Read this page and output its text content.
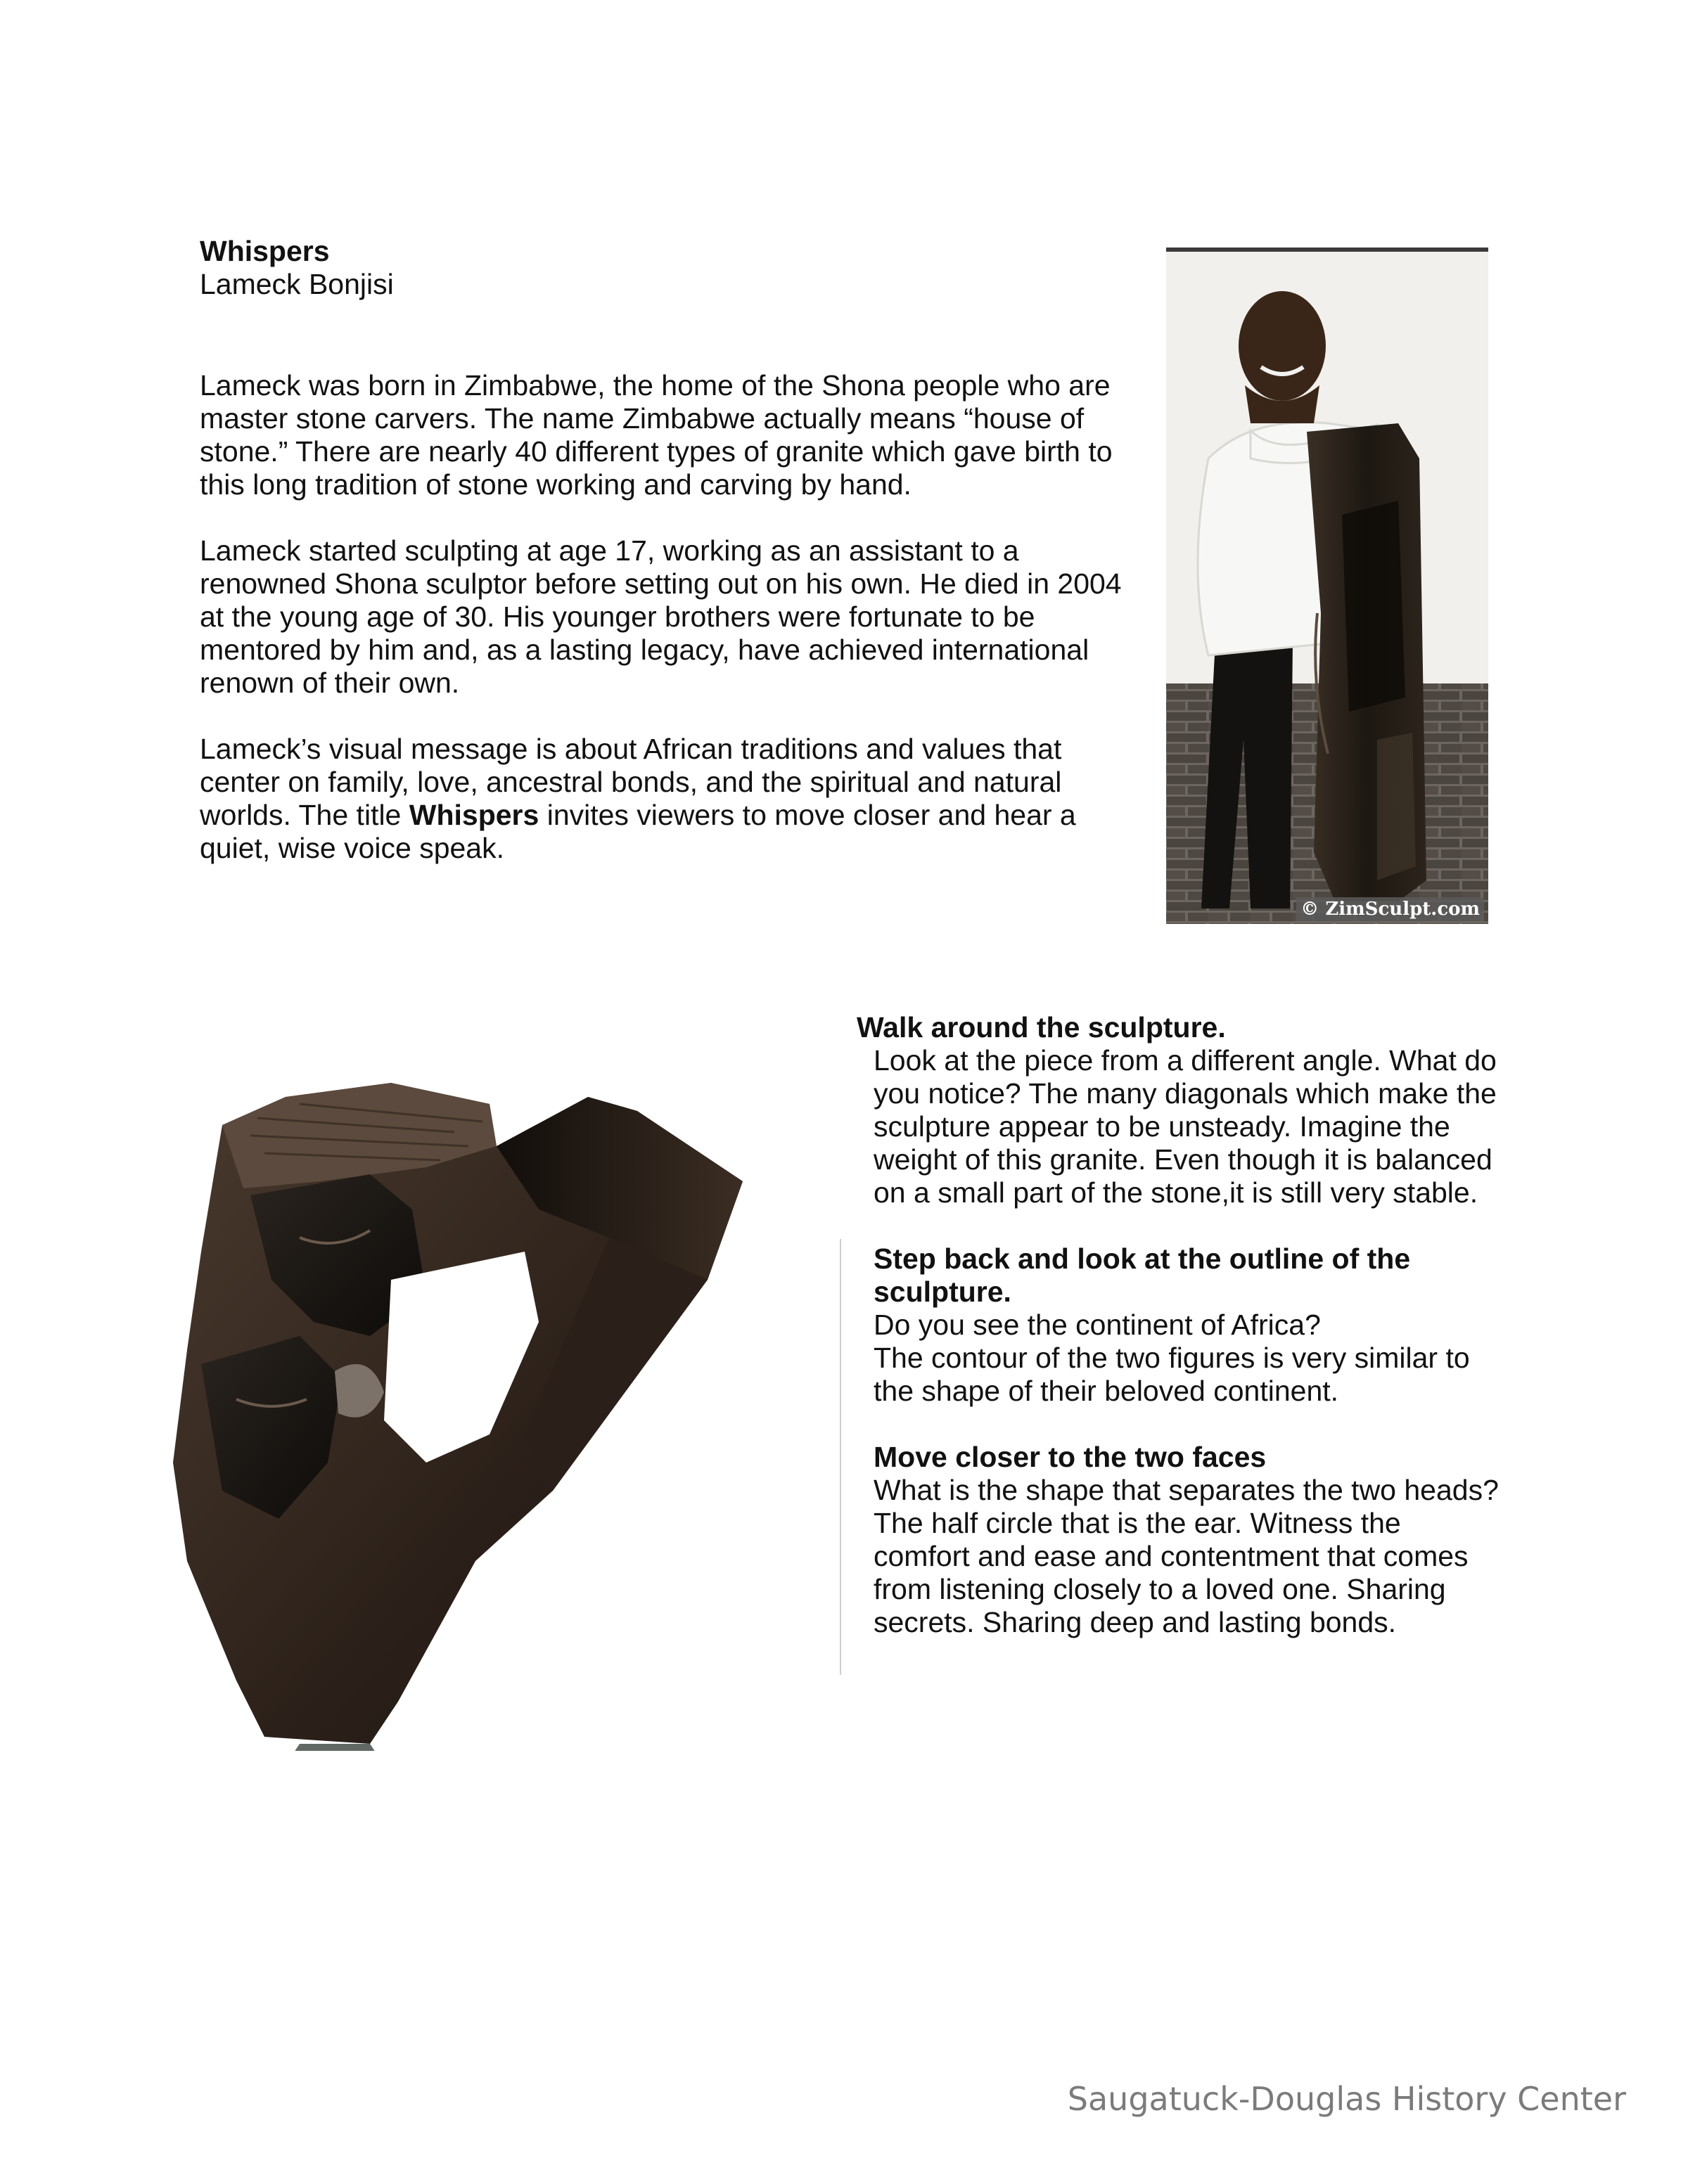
Whispers

Lameck Bonjisi

Lameck was born in Zimbabwe, the home of the Shona people who are master stone carvers. The name Zimbabwe actually means “house of stone.” There are nearly 40 different types of granite which gave birth to this long tradition of stone working and carving by hand.

Lameck started sculpting at age 17, working as an assistant to a renowned Shona sculptor before setting out on his own. He died in 2004 at the young age of 30. His younger brothers were fortunate to be mentored by him and, as a lasting legacy, have achieved international renown of their own.

Lameck’s visual message is about African traditions and values that center on family, love, ancestral bonds, and the spiritual and natural worlds. The title Whispers invites viewers to move closer and hear a quiet, wise voice speak.

© ZimSculpt.com

Walk around the sculpture.

Look at the piece from a different angle. What do you notice? The many diagonals which make the sculpture appear to be unsteady. Imagine the weight of this granite. Even though it is balanced on a small part of the stone,it is still very stable.

Step back and look at the outline of the sculpture.

Do you see the continent of Africa?

The contour of the two figures is very similar to the shape of their beloved continent.

Move closer to the two faces

What is the shape that separates the two heads?

The half circle that is the ear. Witness the comfort and ease and contentment that comes from listening closely to a loved one. Sharing secrets. Sharing deep and lasting bonds.

Saugatuck-Douglas History Center
